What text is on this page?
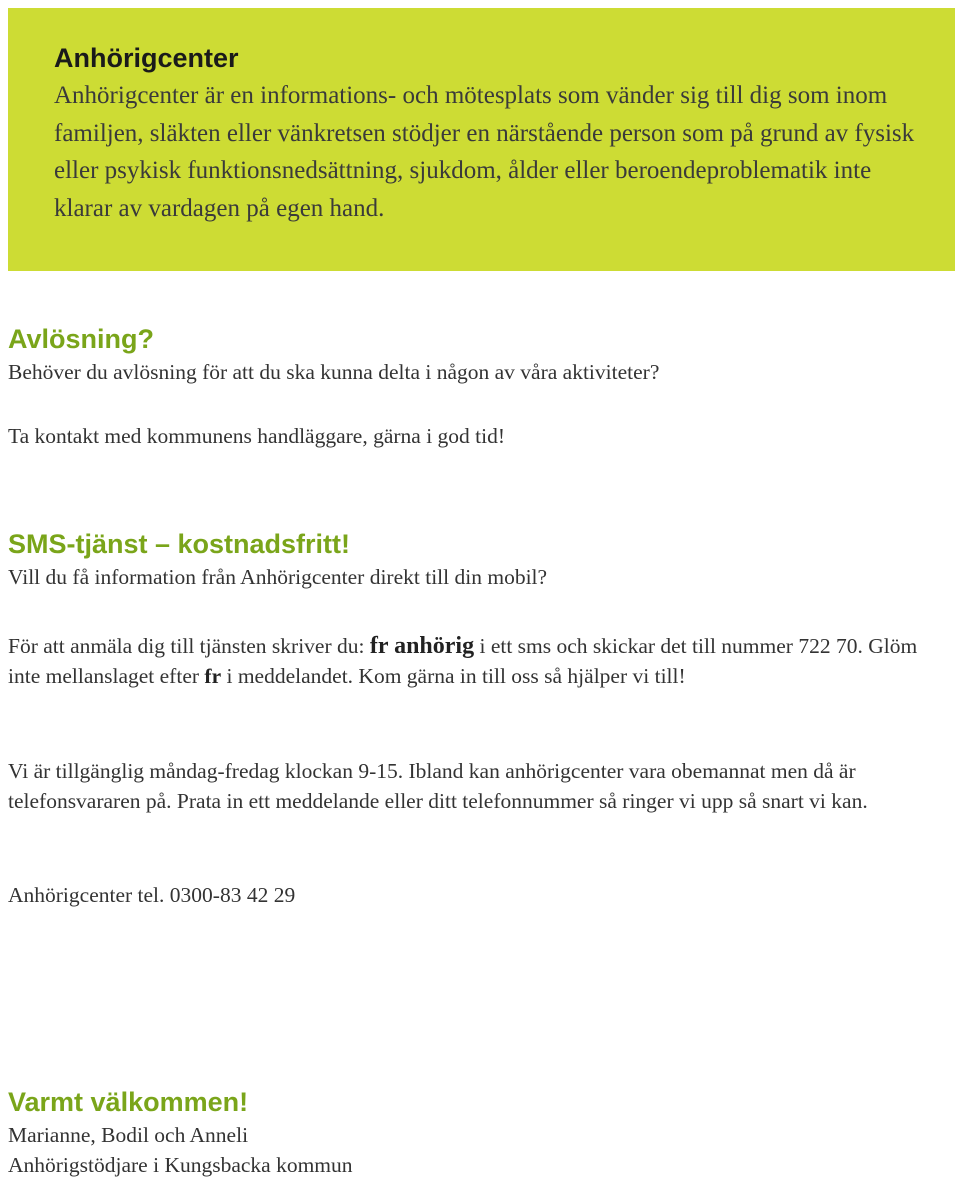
Anhörigcenter

Anhörigcenter är en informations- och mötesplats som vänder sig till dig som inom familjen, släkten eller vänkretsen stödjer en närstående person som på grund av fysisk eller psykisk funktionsnedsättning, sjukdom, ålder eller beroendeproblematik inte klarar av vardagen på egen hand.

Avlösning?

Behöver du avlösning för att du ska kunna delta i någon av våra aktiviteter?

Ta kontakt med kommunens handläggare, gärna i god tid!

SMS-tjänst – kostnadsfritt!

Vill du få information från Anhörigcenter direkt till din mobil?

För att anmäla dig till tjänsten skriver du: fr anhörig i ett sms och skickar det till nummer 722 70. Glöm inte mellanslaget efter fr i meddelandet. Kom gärna in till oss så hjälper vi till!

Vi är tillgänglig måndag-fredag klockan 9-15. Ibland kan anhörigcenter vara obemannat men då är telefonsvararen på. Prata in ett meddelande eller ditt telefonnummer så ringer vi upp så snart vi kan.

Anhörigcenter tel. 0300-83 42 29

Varmt välkommen!

Marianne, Bodil och Anneli

Anhörigstödjare i Kungsbacka kommun
